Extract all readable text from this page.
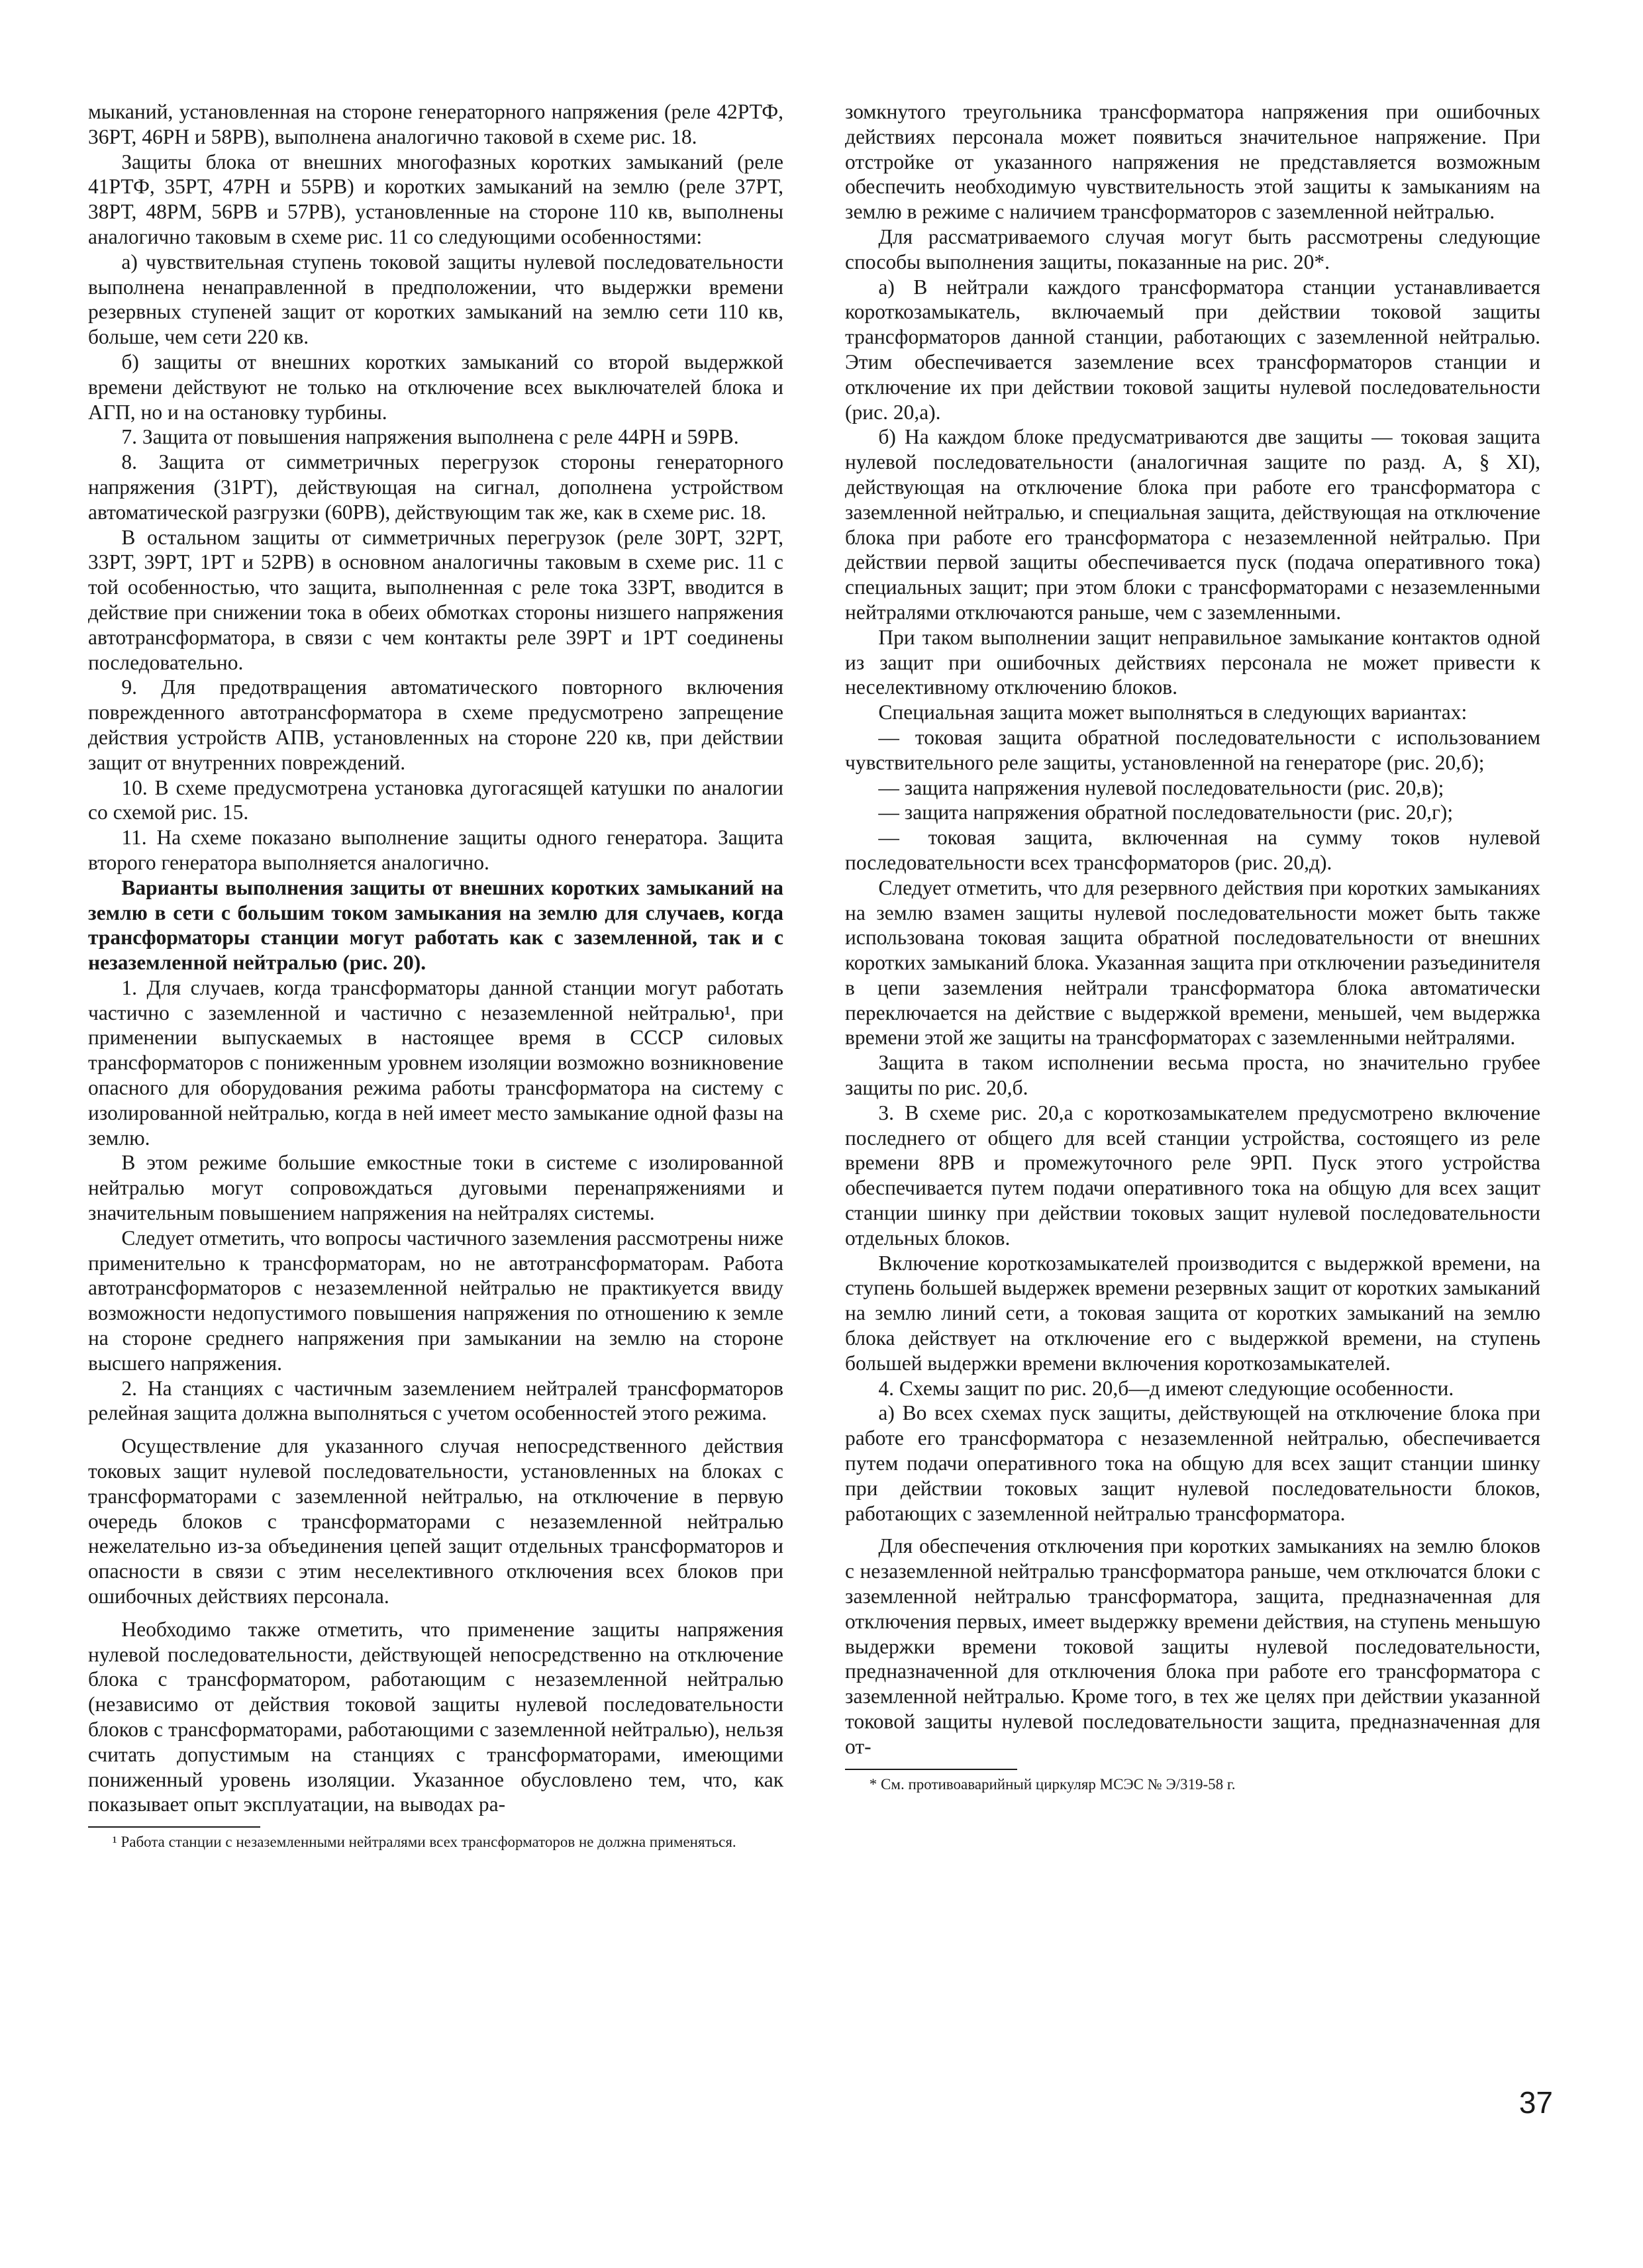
мыканий, установленная на стороне генераторного напряжения (реле 42РТФ, 36РТ, 46РН и 58РВ), выполнена аналогично таковой в схеме рис. 18.

Защиты блока от внешних многофазных коротких замыканий (реле 41РТФ, 35РТ, 47РН и 55РВ) и коротких замыканий на землю (реле 37РТ, 38РТ, 48РМ, 56РВ и 57РВ), установленные на стороне 110 кв, выполнены аналогично таковым в схеме рис. 11 со следующими особенностями:

а) чувствительная ступень токовой защиты нулевой последовательности выполнена ненаправленной в предположении, что выдержки времени резервных ступеней защит от коротких замыканий на землю сети 110 кв, больше, чем сети 220 кв.

б) защиты от внешних коротких замыканий со второй выдержкой времени действуют не только на отключение всех выключателей блока и АГП, но и на остановку турбины.

7. Защита от повышения напряжения выполнена с реле 44РН и 59РВ.

8. Защита от симметричных перегрузок стороны генераторного напряжения (31РТ), действующая на сигнал, дополнена устройством автоматической разгрузки (60РВ), действующим так же, как в схеме рис. 18.

В остальном защиты от симметричных перегрузок (реле 30РТ, 32РТ, 33РТ, 39РТ, 1РТ и 52РВ) в основном аналогичны таковым в схеме рис. 11 с той особенностью, что защита, выполненная с реле тока 33РТ, вводится в действие при снижении тока в обеих обмотках стороны низшего напряжения автотрансформатора, в связи с чем контакты реле 39РТ и 1РТ соединены последовательно.

9. Для предотвращения автоматического повторного включения поврежденного автотрансформатора в схеме предусмотрено запрещение действия устройств АПВ, установленных на стороне 220 кв, при действии защит от внутренних повреждений.

10. В схеме предусмотрена установка дугогасящей катушки по аналогии со схемой рис. 15.

11. На схеме показано выполнение защиты одного генератора. Защита второго генератора выполняется аналогично.

Варианты выполнения защиты от внешних коротких замыканий на землю в сети с большим током замыкания на землю для случаев, когда трансформаторы станции могут работать как с заземленной, так и с незаземленной нейтралью (рис. 20).

1. Для случаев, когда трансформаторы данной станции могут работать частично с заземленной и частично с незаземленной нейтралью¹, при применении выпускаемых в настоящее время в СССР силовых трансформаторов с пониженным уровнем изоляции возможно возникновение опасного для оборудования режима работы трансформатора на систему с изолированной нейтралью, когда в ней имеет место замыкание одной фазы на землю.

В этом режиме большие емкостные токи в системе с изолированной нейтралью могут сопровождаться дуговыми перенапряжениями и значительным повышением напряжения на нейтралях системы.

Следует отметить, что вопросы частичного заземления рассмотрены ниже применительно к трансформаторам, но не автотрансформаторам. Работа автотрансформаторов с незаземленной нейтралью не практикуется ввиду возможности недопустимого повышения напряжения по отношению к земле на стороне среднего напряжения при замыкании на землю на стороне высшего напряжения.

2. На станциях с частичным заземлением нейтралей трансформаторов релейная защита должна выполняться с учетом особенностей этого режима.

Осуществление для указанного случая непосредственного действия токовых защит нулевой последовательности, установленных на блоках с трансформаторами с заземленной нейтралью, на отключение в первую очередь блоков с трансформаторами с незаземленной нейтралью нежелательно из-за объединения цепей защит отдельных трансформаторов и опасности в связи с этим неселективного отключения всех блоков при ошибочных действиях персонала.

Необходимо также отметить, что применение защиты напряжения нулевой последовательности, действующей непосредственно на отключение блока с трансформатором, работающим с незаземленной нейтралью (независимо от действия токовой защиты нулевой последовательности блоков с трансформаторами, работающими с заземленной нейтралью), нельзя считать допустимым на станциях с трансформаторами, имеющими пониженный уровень изоляции. Указанное обусловлено тем, что, как показывает опыт эксплуатации, на выводах ра-

¹ Работа станции с незаземленными нейтралями всех трансформаторов не должна применяться.

зомкнутого треугольника трансформатора напряжения при ошибочных действиях персонала может появиться значительное напряжение. При отстройке от указанного напряжения не представляется возможным обеспечить необходимую чувствительность этой защиты к замыканиям на землю в режиме с наличием трансформаторов с заземленной нейтралью.

Для рассматриваемого случая могут быть рассмотрены следующие способы выполнения защиты, показанные на рис. 20*.

а) В нейтрали каждого трансформатора станции устанавливается короткозамыкатель, включаемый при действии токовой защиты трансформаторов данной станции, работающих с заземленной нейтралью. Этим обеспечивается заземление всех трансформаторов станции и отключение их при действии токовой защиты нулевой последовательности (рис. 20,а).

б) На каждом блоке предусматриваются две защиты — токовая защита нулевой последовательности (аналогичная защите по разд. А, § XI), действующая на отключение блока при работе его трансформатора с заземленной нейтралью, и специальная защита, действующая на отключение блока при работе его трансформатора с незаземленной нейтралью. При действии первой защиты обеспечивается пуск (подача оперативного тока) специальных защит; при этом блоки с трансформаторами с незаземленными нейтралями отключаются раньше, чем с заземленными.

При таком выполнении защит неправильное замыкание контактов одной из защит при ошибочных действиях персонала не может привести к неселективному отключению блоков.

Специальная защита может выполняться в следующих вариантах:

— токовая защита обратной последовательности с использованием чувствительного реле защиты, установленной на генераторе (рис. 20,б);

— защита напряжения нулевой последовательности (рис. 20,в);

— защита напряжения обратной последовательности (рис. 20,г);

— токовая защита, включенная на сумму токов нулевой последовательности всех трансформаторов (рис. 20,д).

Следует отметить, что для резервного действия при коротких замыканиях на землю взамен защиты нулевой последовательности может быть также использована токовая защита обратной последовательности от внешних коротких замыканий блока. Указанная защита при отключении разъединителя в цепи заземления нейтрали трансформатора блока автоматически переключается на действие с выдержкой времени, меньшей, чем выдержка времени этой же защиты на трансформаторах с заземленными нейтралями.

Защита в таком исполнении весьма проста, но значительно грубее защиты по рис. 20,б.

3. В схеме рис. 20,а с короткозамыкателем предусмотрено включение последнего от общего для всей станции устройства, состоящего из реле времени 8РВ и промежуточного реле 9РП. Пуск этого устройства обеспечивается путем подачи оперативного тока на общую для всех защит станции шинку при действии токовых защит нулевой последовательности отдельных блоков.

Включение короткозамыкателей производится с выдержкой времени, на ступень большей выдержек времени резервных защит от коротких замыканий на землю линий сети, а токовая защита от коротких замыканий на землю блока действует на отключение его с выдержкой времени, на ступень большей выдержки времени включения короткозамыкателей.

4. Схемы защит по рис. 20,б—д имеют следующие особенности.

а) Во всех схемах пуск защиты, действующей на отключение блока при работе его трансформатора с незаземленной нейтралью, обеспечивается путем подачи оперативного тока на общую для всех защит станции шинку при действии токовых защит нулевой последовательности блоков, работающих с заземленной нейтралью трансформатора.

Для обеспечения отключения при коротких замыканиях на землю блоков с незаземленной нейтралью трансформатора раньше, чем отключатся блоки с заземленной нейтралью трансформатора, защита, предназначенная для отключения первых, имеет выдержку времени действия, на ступень меньшую выдержки времени токовой защиты нулевой последовательности, предназначенной для отключения блока при работе его трансформатора с заземленной нейтралью. Кроме того, в тех же целях при действии указанной токовой защиты нулевой последовательности защита, предназначенная для от-

* См. противоаварийный циркуляр МСЭС № Э/319-58 г.

37
